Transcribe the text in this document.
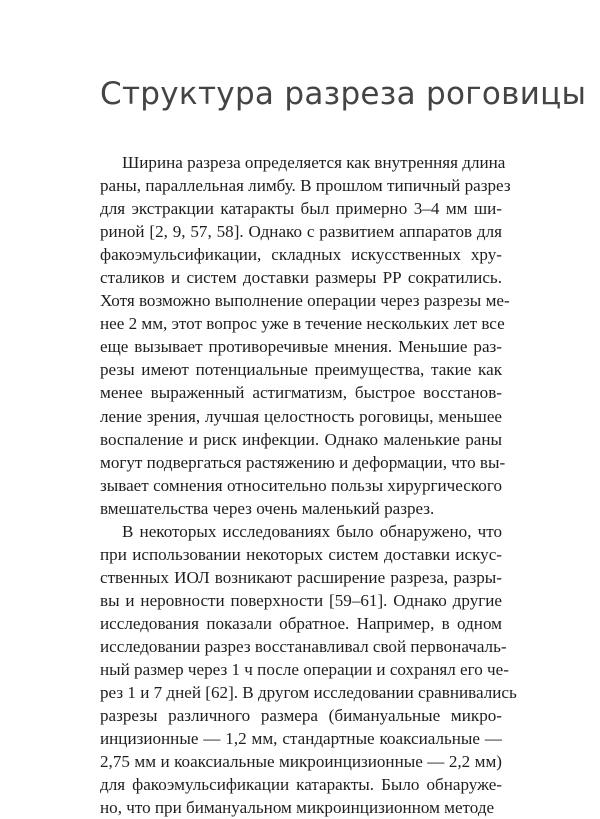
Структура разреза роговицы
Ширина разреза определяется как внутренняя длина
раны, параллельная лимбу. В прошлом типичный разрез
для экстракции катаракты был примерно 3–4 мм ши-
риной [2, 9, 57, 58]. Однако с развитием аппаратов для
факоэмульсификации, складных искусственных хру-
сталиков и систем доставки размеры РР сократились.
Хотя возможно выполнение операции через разрезы ме-
нее 2 мм, этот вопрос уже в течение нескольких лет все
еще вызывает противоречивые мнения. Меньшие раз-
резы имеют потенциальные преимущества, такие как
менее выраженный астигматизм, быстрое восстанов-
ление зрения, лучшая целостность роговицы, меньшее
воспаление и риск инфекции. Однако маленькие раны
могут подвергаться растяжению и деформации, что вы-
зывает сомнения относительно пользы хирургического
вмешательства через очень маленький разрез.
В некоторых исследованиях было обнаружено, что
при использовании некоторых систем доставки искус-
ственных ИОЛ возникают расширение разреза, разры-
вы и неровности поверхности [59–61]. Однако другие
исследования показали обратное. Например, в одном
исследовании разрез восстанавливал свой первоначаль-
ный размер через 1 ч после операции и сохранял его че-
рез 1 и 7 дней [62]. В другом исследовании сравнивались
разрезы различного размера (бимануальные микро-
инцизионные — 1,2 мм, стандартные коаксиальные —
2,75 мм и коаксиальные микроинцизионные — 2,2 мм)
для факоэмульсификации катаракты. Было обнаруже-
но, что при бимануальном микроинцизионном методе
